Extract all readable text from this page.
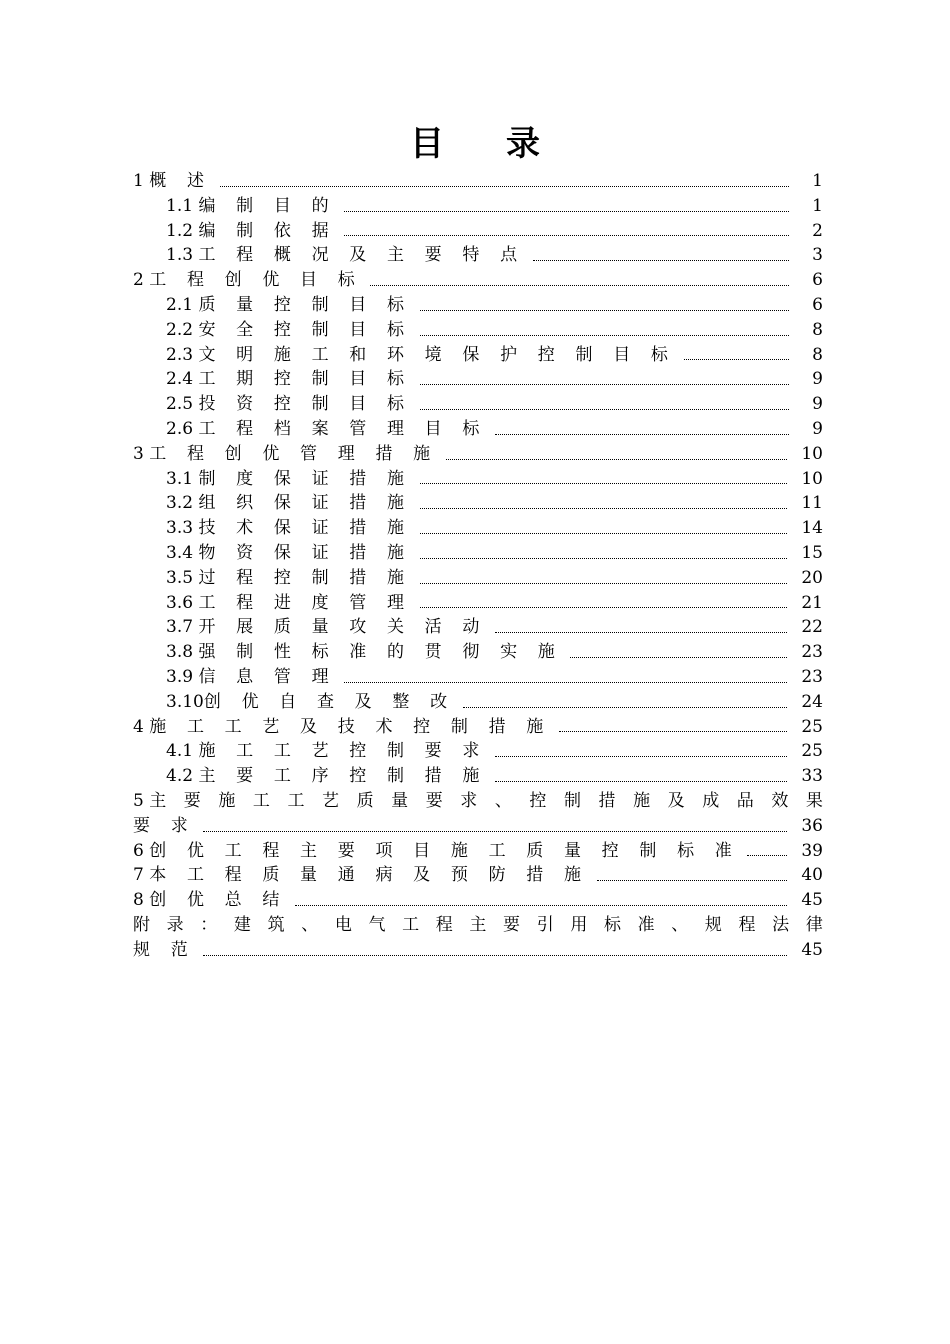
目 录
1 概 述	1
1.1 编 制 目 的	1
1.2 编 制 依 据	2
1.3 工 程 概 况 及 主 要 特 点	3
2 工 程 创 优 目 标	6
2.1 质 量 控 制 目 标	6
2.2 安 全 控 制 目 标	8
2.3 文 明 施 工 和 环 境 保 护 控 制 目 标	8
2.4 工 期 控 制 目 标	9
2.5 投 资 控 制 目 标	9
2.6 工 程 档 案 管 理 目 标	9
3 工 程 创 优 管 理 措 施	10
3.1 制 度 保 证 措 施	10
3.2 组 织 保 证 措 施	11
3.3 技 术 保 证 措 施	14
3.4 物 资 保 证 措 施	15
3.5 过 程 控 制 措 施	20
3.6 工 程 进 度 管 理	21
3.7 开 展 质 量 攻 关 活 动	22
3.8 强 制 性 标 准 的 贯 彻 实 施	23
3.9 信 息 管 理	23
3.10 创 优 自 查 及 整 改	24
4 施 工 工 艺 及 技 术 控 制 措 施	25
4.1 施 工 工 艺 控 制 要 求	25
4.2 主 要 工 序 控 制 措 施	33
5 主 要 施 工 工 艺 质 量 要 求 、 控 制 措 施 及 成 品 效 果
要 求	36
6 创 优 工 程 主 要 项 目 施 工 质 量 控 制 标 准	39
7 本 工 程 质 量 通 病 及 预 防 措 施	40
8 创 优 总 结	45
附 录 ： 建 筑 、 电 气 工 程 主 要 引 用 标 准 、 规 程 法 律
规 范	45
